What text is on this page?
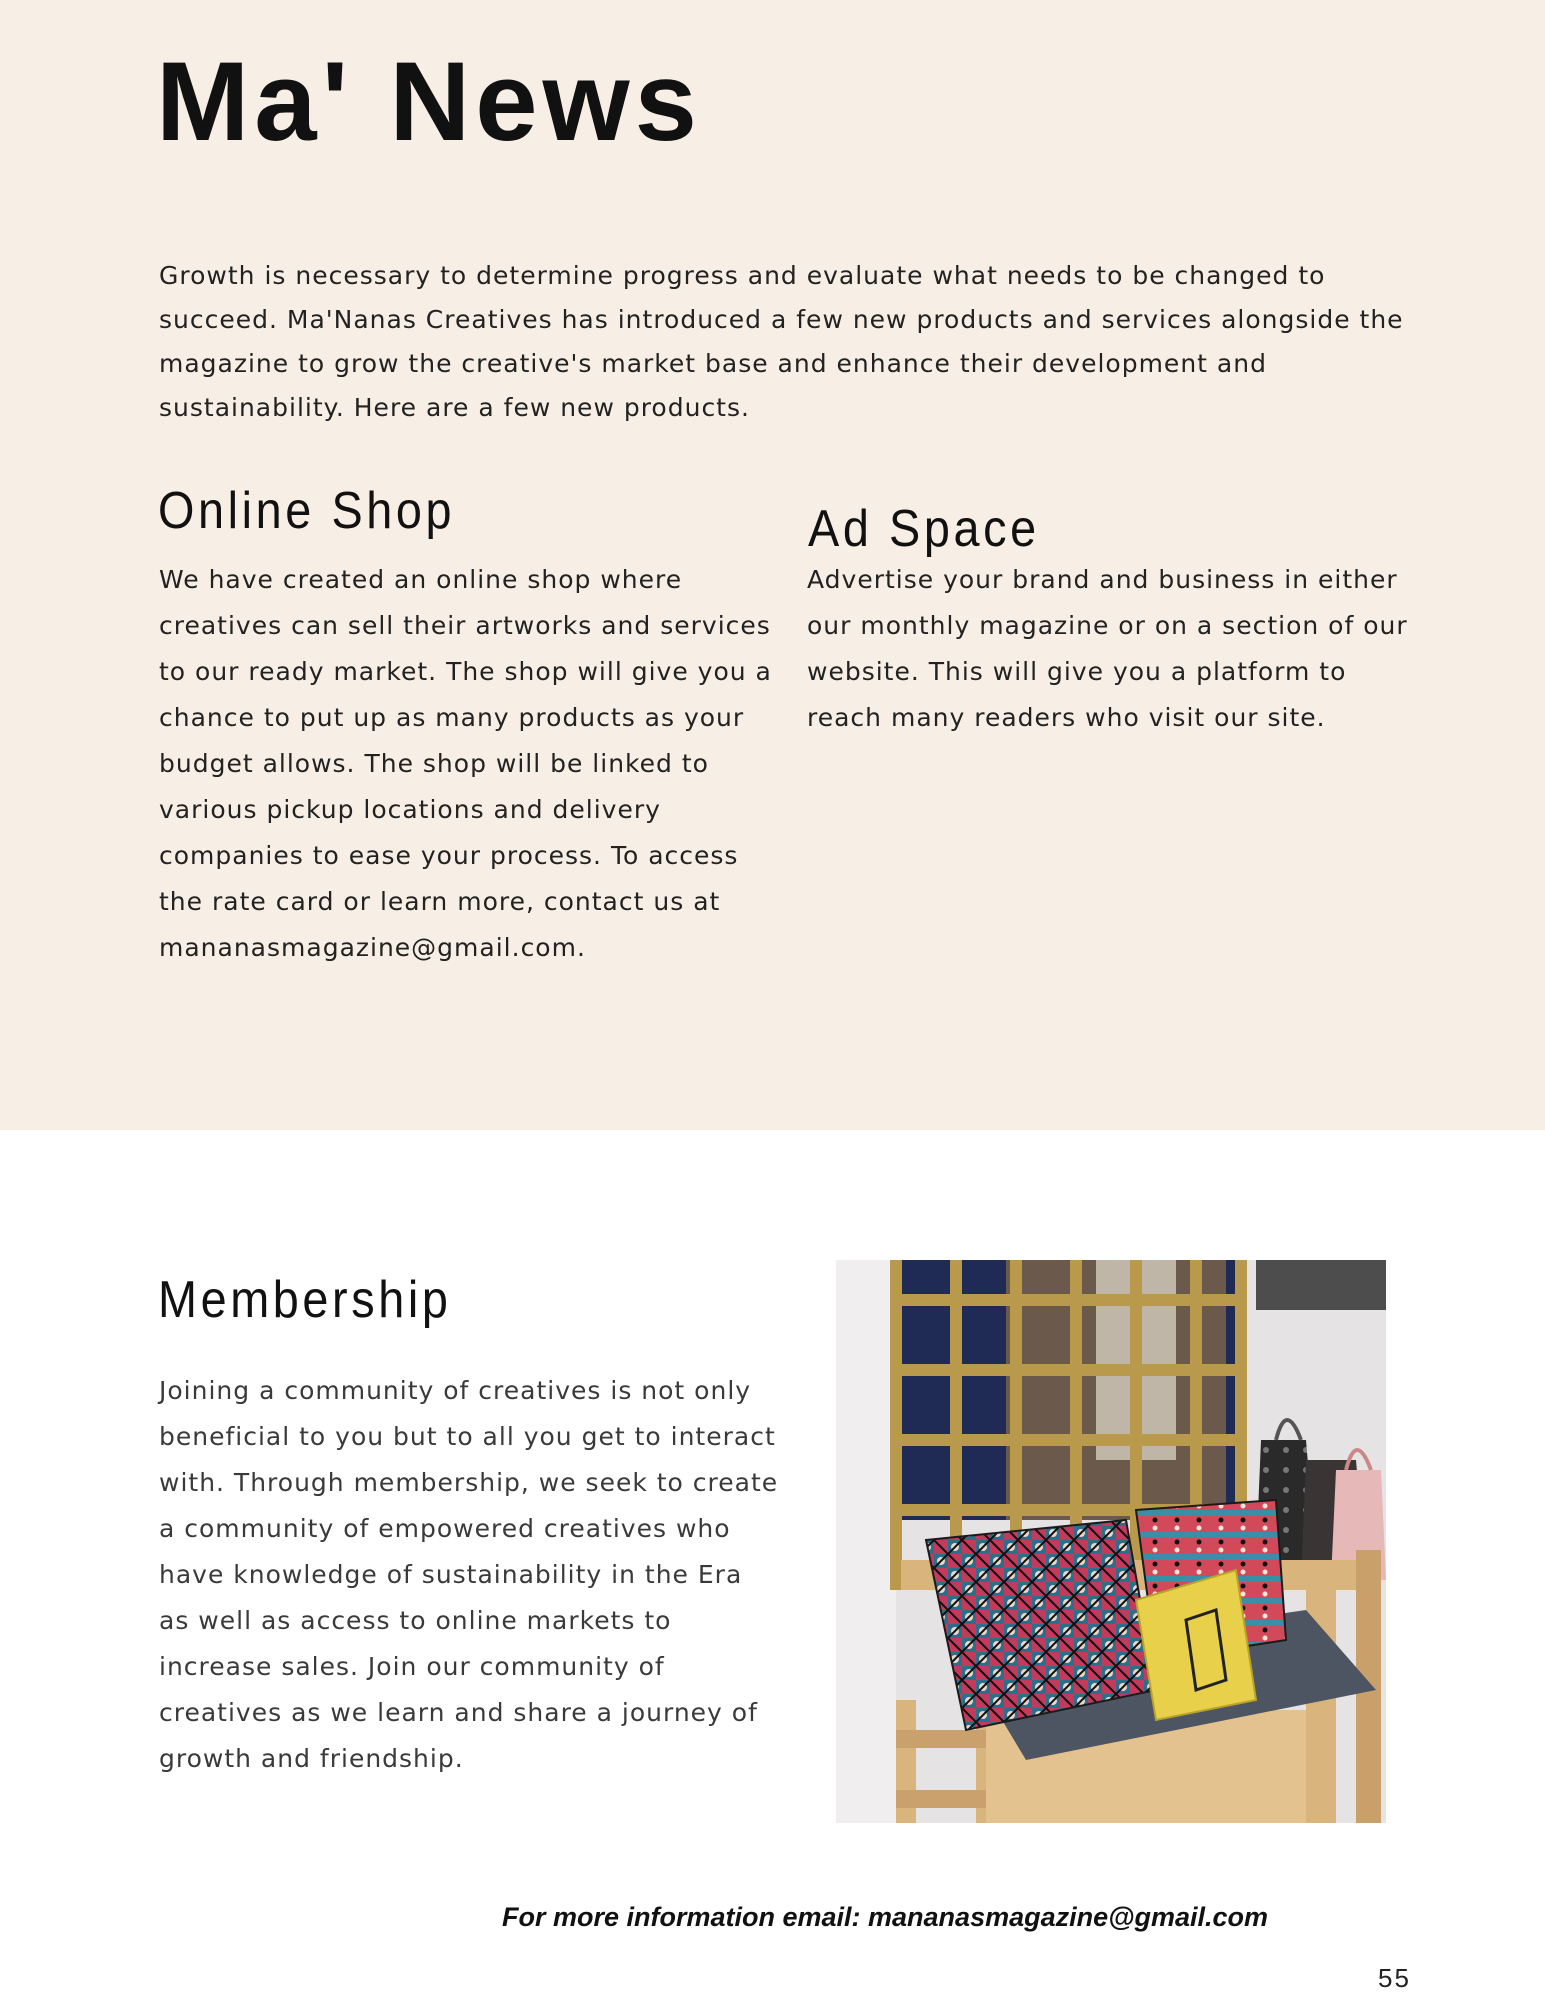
Ma' News

Growth is necessary to determine progress and evaluate what needs to be changed to succeed. Ma'Nanas Creatives has introduced a few new products and services alongside the magazine to grow the creative's market base and enhance their development and sustainability. Here are a few new products.

Online Shop

We have created an online shop where creatives can sell their artworks and services to our ready market. The shop will give you a chance to put up as many products as your budget allows. The shop will be linked to various pickup locations and delivery companies to ease your process. To access the rate card or learn more, contact us at mananasmagazine@gmail.com.

Ad Space

Advertise your brand and business in either our monthly magazine or on a section of our website. This will give you a platform to reach many readers who visit our site.

Membership

Joining a community of creatives is not only beneficial to you but to all you get to interact with. Through membership, we seek to create a community of empowered creatives who have knowledge of sustainability in the Era as well as access to online markets to increase sales. Join our community of creatives as we learn and share a journey of growth and friendship.

For more information email: mananasmagazine@gmail.com

55
